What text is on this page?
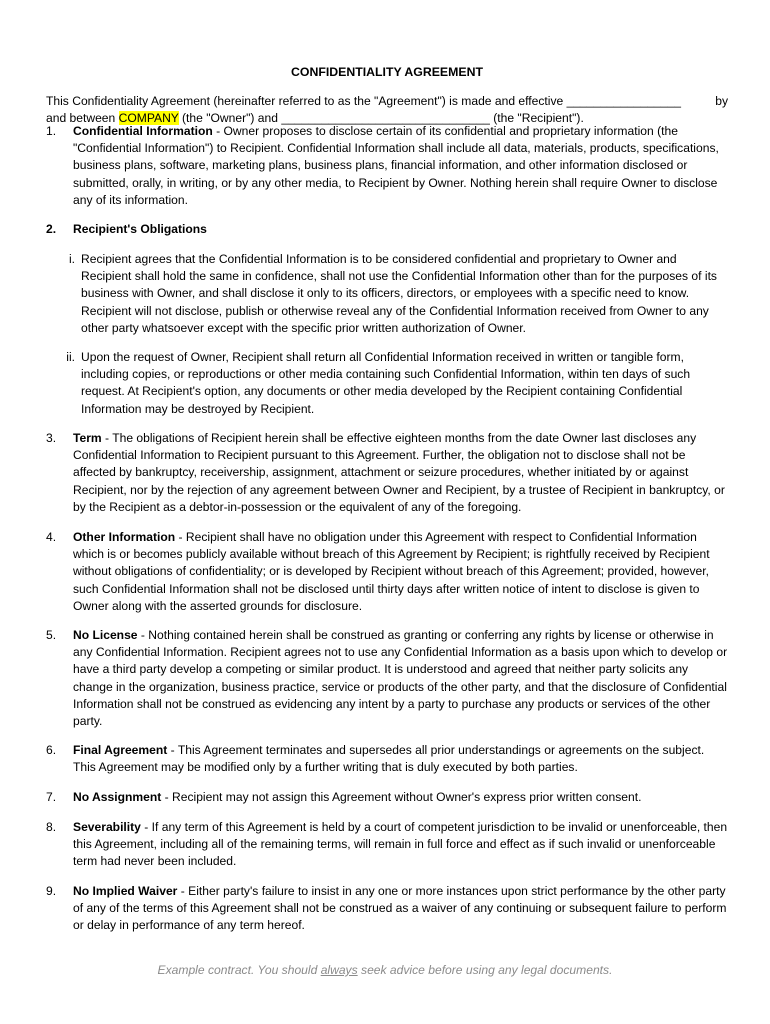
CONFIDENTIALITY AGREEMENT
This Confidentiality Agreement (hereinafter referred to as the "Agreement") is made and effective _________________	by
and between COMPANY (the "Owner") and _______________________________ (the "Recipient").
1.	Confidential Information - Owner proposes to disclose certain of its confidential and proprietary information (the "Confidential Information") to Recipient. Confidential Information shall include all data, materials, products, specifications, business plans, software, marketing plans, business plans, financial information, and other information disclosed or submitted, orally, in writing, or by any other media, to Recipient by Owner. Nothing herein shall require Owner to disclose any of its information.
2.	Recipient's Obligations
i. Recipient agrees that the Confidential Information is to be considered confidential and proprietary to Owner and Recipient shall hold the same in confidence, shall not use the Confidential Information other than for the purposes of its business with Owner, and shall disclose it only to its officers, directors, or employees with a specific need to know. Recipient will not disclose, publish or otherwise reveal any of the Confidential Information received from Owner to any other party whatsoever except with the specific prior written authorization of Owner.
ii. Upon the request of Owner, Recipient shall return all Confidential Information received in written or tangible form, including copies, or reproductions or other media containing such Confidential Information, within ten days of such request. At Recipient's option, any documents or other media developed by the Recipient containing Confidential Information may be destroyed by Recipient.
3.	Term - The obligations of Recipient herein shall be effective eighteen months from the date Owner last discloses any Confidential Information to Recipient pursuant to this Agreement. Further, the obligation not to disclose shall not be affected by bankruptcy, receivership, assignment, attachment or seizure procedures, whether initiated by or against Recipient, nor by the rejection of any agreement between Owner and Recipient, by a trustee of Recipient in bankruptcy, or by the Recipient as a debtor-in-possession or the equivalent of any of the foregoing.
4.	Other Information - Recipient shall have no obligation under this Agreement with respect to Confidential Information which is or becomes publicly available without breach of this Agreement by Recipient; is rightfully received by Recipient without obligations of confidentiality; or is developed by Recipient without breach of this Agreement; provided, however, such Confidential Information shall not be disclosed until thirty days after written notice of intent to disclose is given to Owner along with the asserted grounds for disclosure.
5.	No License - Nothing contained herein shall be construed as granting or conferring any rights by license or otherwise in any Confidential Information. Recipient agrees not to use any Confidential Information as a basis upon which to develop or have a third party develop a competing or similar product. It is understood and agreed that neither party solicits any change in the organization, business practice, service or products of the other party, and that the disclosure of Confidential Information shall not be construed as evidencing any intent by a party to purchase any products or services of the other party.
6.	Final Agreement - This Agreement terminates and supersedes all prior understandings or agreements on the subject. This Agreement may be modified only by a further writing that is duly executed by both parties.
7.	No Assignment - Recipient may not assign this Agreement without Owner's express prior written consent.
8.	Severability - If any term of this Agreement is held by a court of competent jurisdiction to be invalid or unenforceable, then this Agreement, including all of the remaining terms, will remain in full force and effect as if such invalid or unenforceable term had never been included.
9.	No Implied Waiver - Either party's failure to insist in any one or more instances upon strict performance by the other party of any of the terms of this Agreement shall not be construed as a waiver of any continuing or subsequent failure to perform or delay in performance of any term hereof.
Example contract. You should always seek advice before using any legal documents.
